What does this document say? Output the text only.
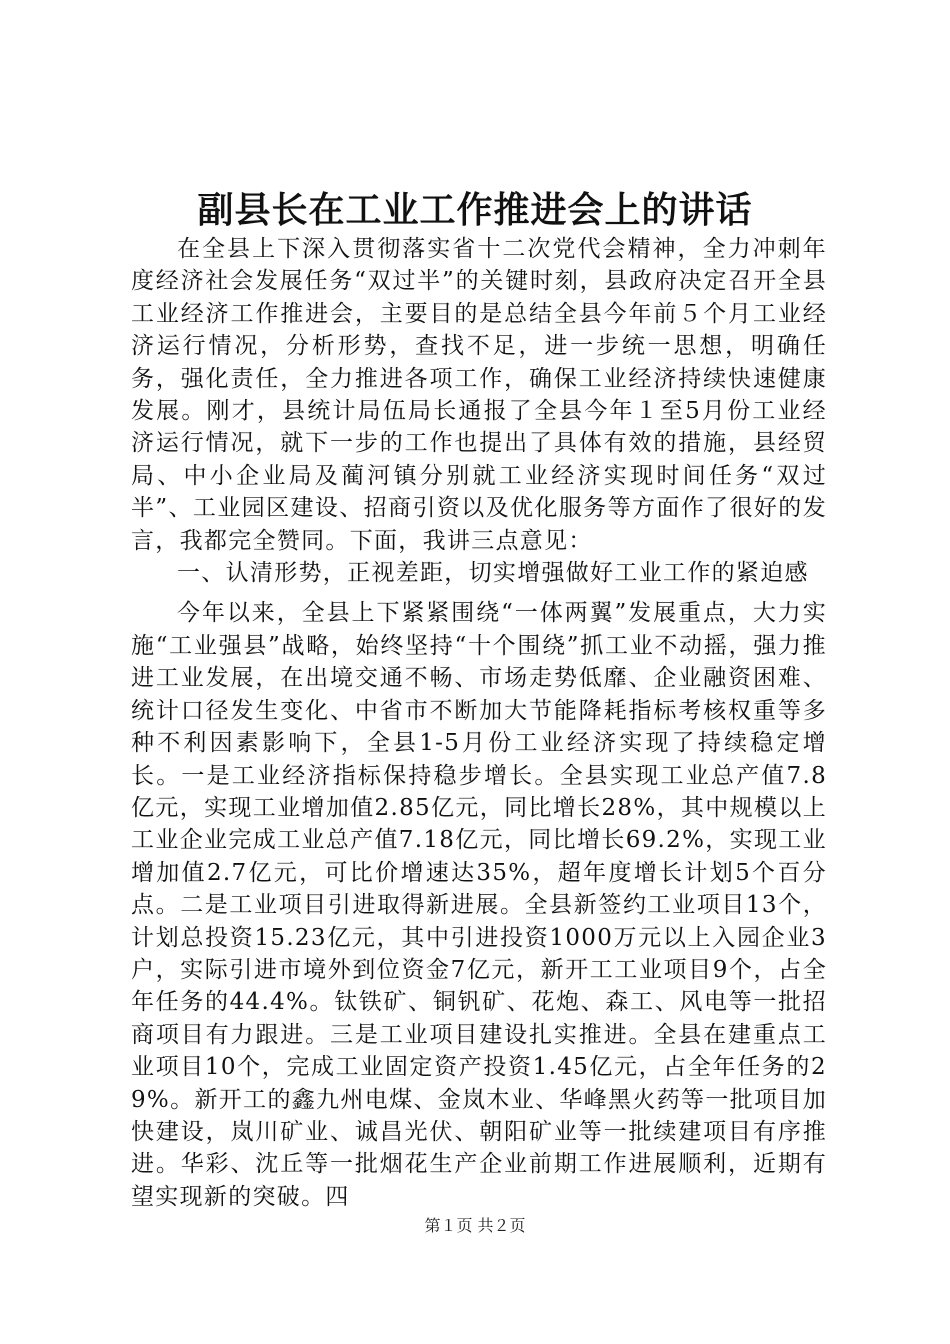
副县长在工业工作推进会上的讲话

在全县上下深入贯彻落实省十二次党代会精神，全力冲刺年度经济社会发展任务“双过半”的关键时刻，县政府决定召开全县工业经济工作推进会，主要目的是总结全县今年前５个月工业经济运行情况，分析形势，查找不足，进一步统一思想，明确任务，强化责任，全力推进各项工作，确保工业经济持续快速健康发展。刚才，县统计局伍局长通报了全县今年１至5月份工业经济运行情况，就下一步的工作也提出了具体有效的措施，县经贸局、中小企业局及蔺河镇分别就工业经济实现时间任务“双过半”、工业园区建设、招商引资以及优化服务等方面作了很好的发言，我都完全赞同。下面，我讲三点意见：

一、认清形势，正视差距，切实增强做好工业工作的紧迫感

今年以来，全县上下紧紧围绕“一体两翼”发展重点，大力实施“工业强县”战略，始终坚持“十个围绕”抓工业不动摇，强力推进工业发展，在出境交通不畅、市场走势低靡、企业融资困难、统计口径发生变化、中省市不断加大节能降耗指标考核权重等多种不利因素影响下，全县1-5月份工业经济实现了持续稳定增长。一是工业经济指标保持稳步增长。全县实现工业总产值7.8亿元，实现工业增加值2.85亿元，同比增长28%，其中规模以上工业企业完成工业总产值7.18亿元，同比增长69.2%，实现工业增加值2.7亿元，可比价增速达35%，超年度增长计划5个百分点。二是工业项目引进取得新进展。全县新签约工业项目13个，计划总投资15.23亿元，其中引进投资1000万元以上入园企业3户，实际引进市境外到位资金7亿元，新开工工业项目9个，占全年任务的44.4%。钛铁矿、铜钒矿、花炮、森工、风电等一批招商项目有力跟进。三是工业项目建设扎实推进。全县在建重点工业项目10个，完成工业固定资产投资1.45亿元，占全年任务的29%。新开工的鑫九州电煤、金岚木业、华峰黑火药等一批项目加快建设，岚川矿业、诚昌光伏、朝阳矿业等一批续建项目有序推进。华彩、沈丘等一批烟花生产企业前期工作进展顺利，近期有望实现新的突破。四

第１页 共２页
